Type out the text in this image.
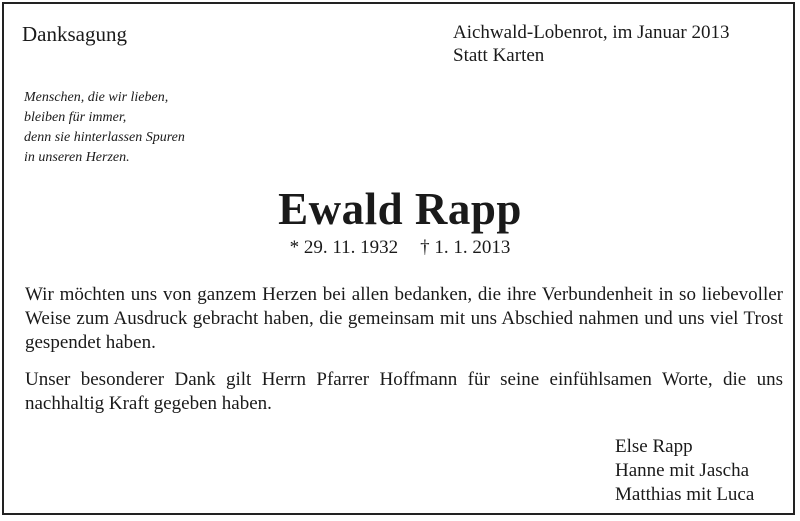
Danksagung	Aichwald-Lobenrot, im Januar 2013
Statt Karten
Menschen, die wir lieben,
bleiben für immer,
denn sie hinterlassen Spuren
in unseren Herzen.
Ewald Rapp
* 29. 11. 1932 † 1. 1. 2013
Wir möchten uns von ganzem Herzen bei allen bedanken, die ihre Verbundenheit in so liebevoller Weise zum Ausdruck gebracht haben, die gemeinsam mit uns Abschied nahmen und uns viel Trost gespendet haben.
Unser besonderer Dank gilt Herrn Pfarrer Hoffmann für seine einfühlsamen Worte, die uns nachhaltig Kraft gegeben haben.
Else Rapp
Hanne mit Jascha
Matthias mit Luca
